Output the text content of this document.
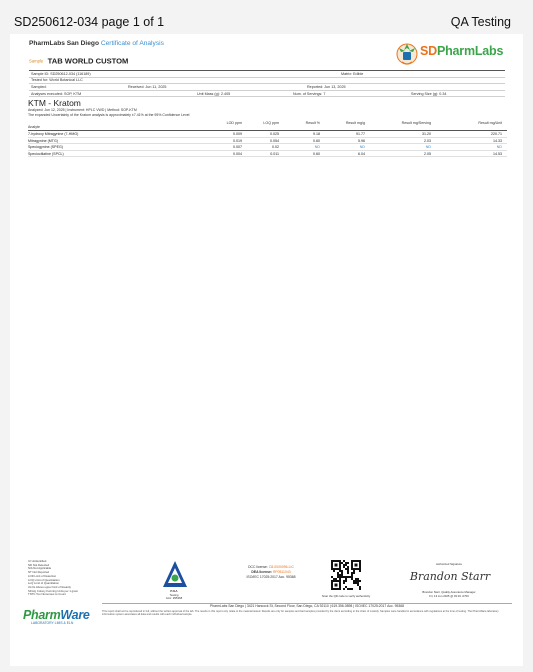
SD250612-034 page 1 of 1	QA Testing
PharmLabs San Diego Certificate of Analysis
Sample TAB WORLD CUSTOM
SDPharmLabs
Sample ID: SD250612-034 (116189)	Matrix: Edible
Tested for: World Botanical LLC
Sampled:	Received: Jun 11, 2025	Reported: Jun 13, 2025
Analyses executed: SOP, KTM	Unit Mass (g): 2.405	Num. of Servings: 7	Serving Size (g): 0.34
KTM - Kratom
Analyzed: Jun 12, 2025 | Instrument: HPLC VWD | Method: SOP-KTM
The expanded Uncertainty of the Kratom analysis is approximately ±7.41% at the 95% Confidence Level
Analyte
LOD ppm	LOQ ppm	Result %	Result mg/g	Result mg/Serving	Result mg/Unit
7-hydroxy Mitragynine (7-HMG)	0.009	0.025	9.18	91.77	31.20	220.71
Mitragynine (MTG)	0.019	0.054	0.60	5.96	2.03	14.33
Speciogynine (SPEG)	0.007	0.02	ND	ND	ND	ND
Speciociliatine (SPCL)	0.004	0.011	0.60	6.04	2.05	14.53
UI Unidentified
ND Not Detected
N/A Not Applicable
NT Not Reported
LOD Limit of Detection
LOQ Limit of Quantitation
LoQ Limit of Quantitation
ULOL Above upper limit of linearity
SFG/g Colony Forming Units per 1 gram
TNTC Too Numerous to Count
PharmWare
LABORATORY LIMS & ELN
PJLA
Testing
Accr. #95368
DCC license: C8-0000096-LIC
DEA license: RP0511043
ISO/IEC 17025:2017 Acc. 95368
Scan the QR code to verify authenticity
Authorized Signature
Brandon Starr
Brandon Starr, Quality Assurance Manager
Fri, 13 Jun 2025 @ 03:19 -0700
PharmLabs San Diego | 3421 Hancock St, Second Floor, San Diego, CA 92110 | 619.356.0898 | ISO/IEC 17025:2017 Acc. 95368
This report shall not be reproduced in full, without the written approval of the lab. The results in this report only relate to the material tested. Results are only for samples and bad samples provided by the client according to the chain of custody. Samples were handled in accordance with regulations at the time of testing. The PharmWare laboratory information system associates all data and results with each individual sample.
